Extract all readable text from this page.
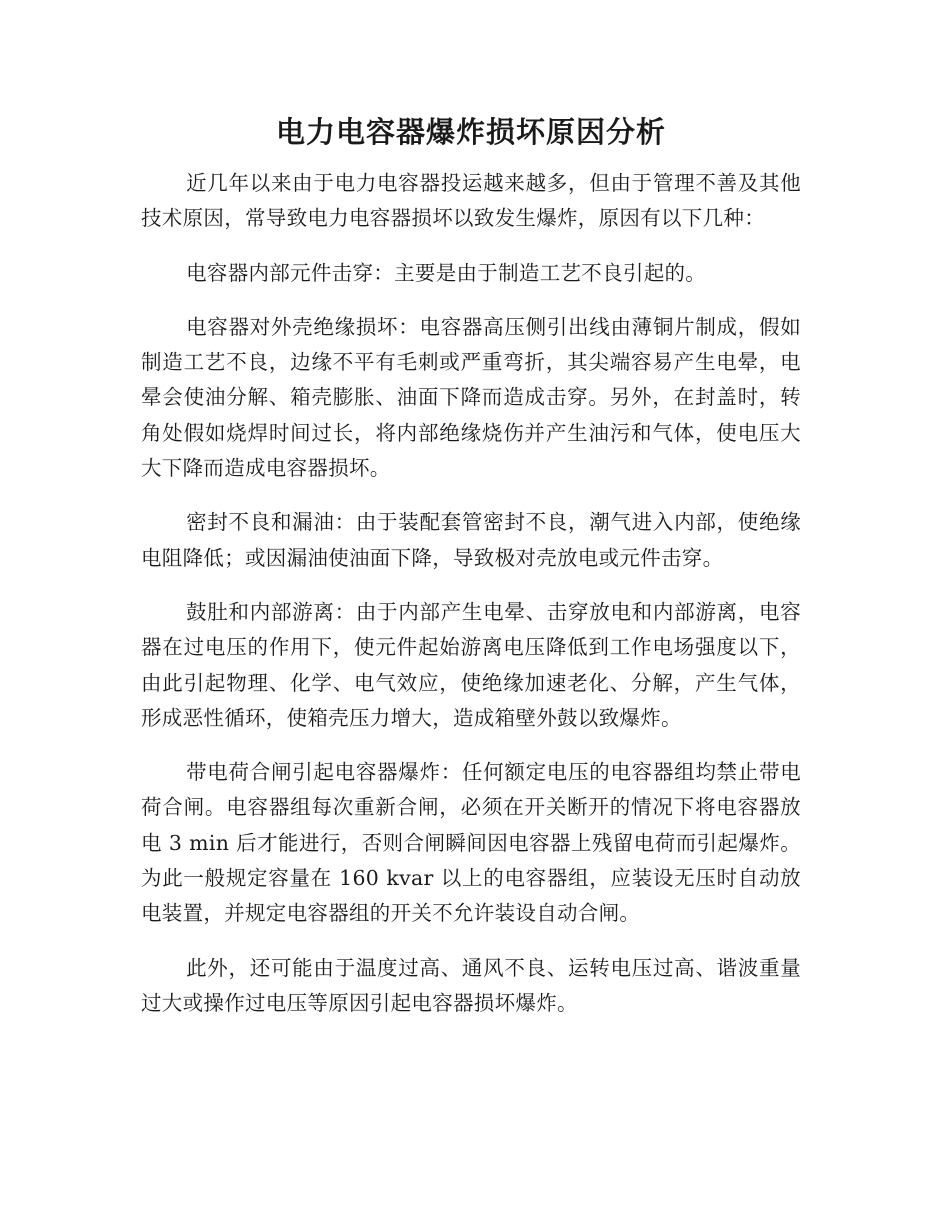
电力电容器爆炸损坏原因分析

近几年以来由于电力电容器投运越来越多，但由于管理不善及其他技术原因，常导致电力电容器损坏以致发生爆炸，原因有以下几种：

电容器内部元件击穿：主要是由于制造工艺不良引起的。

电容器对外壳绝缘损坏：电容器高压侧引出线由薄铜片制成，假如制造工艺不良，边缘不平有毛刺或严重弯折，其尖端容易产生电晕，电晕会使油分解、箱壳膨胀、油面下降而造成击穿。另外，在封盖时，转角处假如烧焊时间过长，将内部绝缘烧伤并产生油污和气体，使电压大大下降而造成电容器损坏。

密封不良和漏油：由于装配套管密封不良，潮气进入内部，使绝缘电阻降低；或因漏油使油面下降，导致极对壳放电或元件击穿。

鼓肚和内部游离：由于内部产生电晕、击穿放电和内部游离，电容器在过电压的作用下，使元件起始游离电压降低到工作电场强度以下，由此引起物理、化学、电气效应，使绝缘加速老化、分解，产生气体，形成恶性循环，使箱壳压力增大，造成箱壁外鼓以致爆炸。

带电荷合闸引起电容器爆炸：任何额定电压的电容器组均禁止带电荷合闸。电容器组每次重新合闸，必须在开关断开的情况下将电容器放电 3 min 后才能进行，否则合闸瞬间因电容器上残留电荷而引起爆炸。为此一般规定容量在 160 kvar 以上的电容器组，应装设无压时自动放电装置，并规定电容器组的开关不允许装设自动合闸。

此外，还可能由于温度过高、通风不良、运转电压过高、谐波重量过大或操作过电压等原因引起电容器损坏爆炸。
